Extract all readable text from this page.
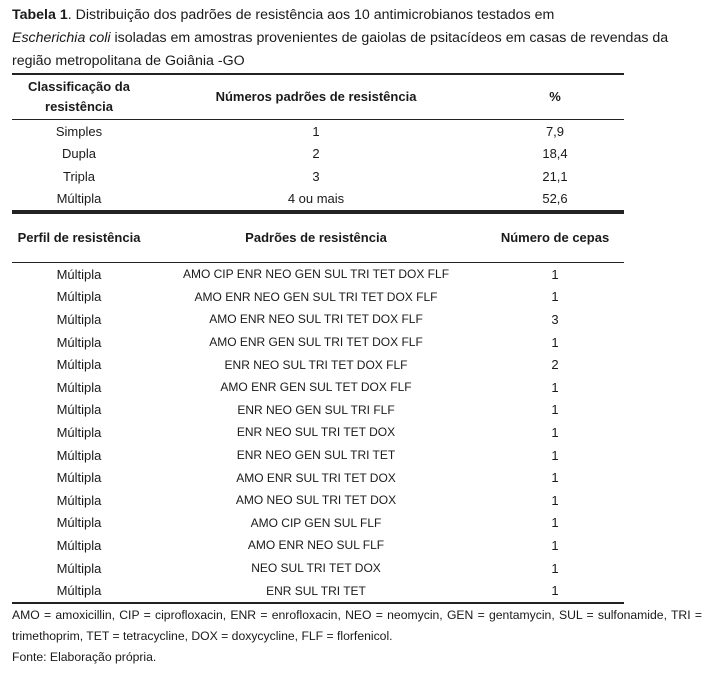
Tabela 1. Distribuição dos padrões de resistência aos 10 antimicrobianos testados em
Escherichia coli isoladas em amostras provenientes de gaiolas de psitacídeos em casas de revendas da região metropolitana de Goiânia -GO
Classificação da resistência	Números padrões de resistência	%
Simples	1	7,9
Dupla	2	18,4
Tripla	3	21,1
Múltipla	4 ou mais	52,6
Perfil de resistência	Padrões de resistência	Número de cepas
Múltipla	AMO CIP ENR NEO GEN SUL TRI TET DOX FLF	1
Múltipla	AMO ENR NEO GEN SUL TRI TET DOX FLF	1
Múltipla	AMO ENR NEO SUL TRI TET DOX FLF	3
Múltipla	AMO ENR GEN SUL TRI TET DOX FLF	1
Múltipla	ENR NEO SUL TRI TET DOX FLF	2
Múltipla	AMO ENR GEN SUL TET DOX FLF	1
Múltipla	ENR NEO GEN SUL TRI FLF	1
Múltipla	ENR NEO SUL TRI TET DOX	1
Múltipla	ENR NEO GEN SUL TRI TET	1
Múltipla	AMO ENR SUL TRI TET DOX	1
Múltipla	AMO NEO SUL TRI TET DOX	1
Múltipla	AMO CIP GEN SUL FLF	1
Múltipla	AMO ENR NEO SUL FLF	1
Múltipla	NEO SUL TRI TET DOX	1
Múltipla	ENR SUL TRI TET	1
AMO = amoxicillin, CIP = ciprofloxacin, ENR = enrofloxacin, NEO = neomycin, GEN = gentamycin, SUL = sulfonamide, TRI = trimethoprim, TET = tetracycline, DOX = doxycycline, FLF = florfenicol.
Fonte: Elaboração própria.
